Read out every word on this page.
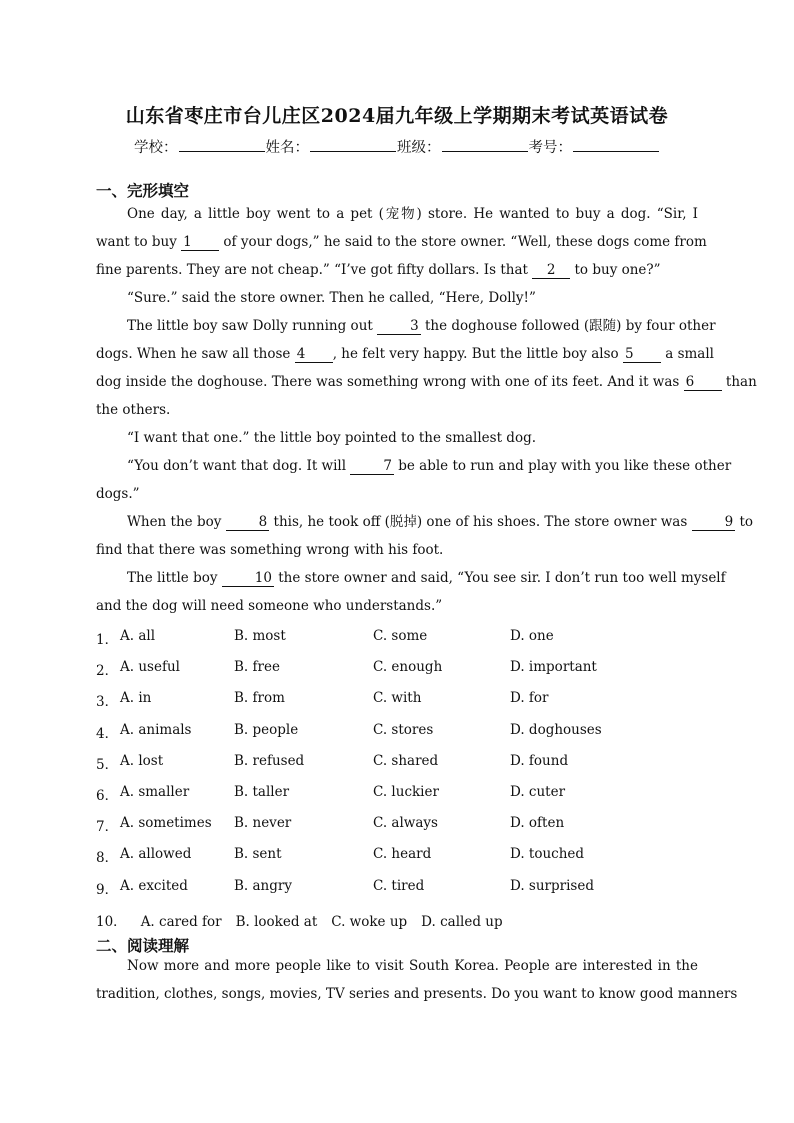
山东省枣庄市台儿庄区2024届九年级上学期期末考试英语试卷
学校：	姓名：	班级：	考号：
一、完形填空

One day, a little boy went to a pet (宠物) store. He wanted to buy a dog. “Sir, I

want to buy 1 of your dogs,” he said to the store owner. “Well, these dogs come from
fine parents. They are not cheap.” “I’ve got fifty dollars. Is that 2 to buy one?”

“Sure.” said the store owner. Then he called, “Here, Dolly!”

The little boy saw Dolly running out 3 the doghouse followed (跟随) by four other

dogs. When he saw all those 4 , he felt very happy. But the little boy also 5 a small
dog inside the doghouse. There was something wrong with one of its feet. And it was 6 than
the others.

“I want that one.” the little boy pointed to the smallest dog.

“You don’t want that dog. It will 7 be able to run and play with you like these other

dogs.”

When the boy 8 this, he took off (脱掉) one of his shoes. The store owner was 9 to

find that there was something wrong with his foot.

The little boy 10 the store owner and said, “You see sir. I don’t run too well myself

and the dog will need someone who understands.”

1． A. all	B. most	C. some	D. one
2． A. useful	B. free	C. enough	D. important
3． A. in	B. from	C. with	D. for
4． A. animals	B. people	C. stores	D. doghouses
5． A. lost	B. refused	C. shared	D. found
6． A. smaller	B. taller	C. luckier	D. cuter
7． A. sometimes B. never	C. always	D. often
8． A. allowed	B. sent	C. heard	D. touched
9． A. excited	B. angry	C. tired	D. surprised
10． A. cared for B. looked at C. woke up D. called up
二、阅读理解

Now more and more people like to visit South Korea. People are interested in the

tradition, clothes, songs, movies, TV series and presents. Do you want to know good manners
